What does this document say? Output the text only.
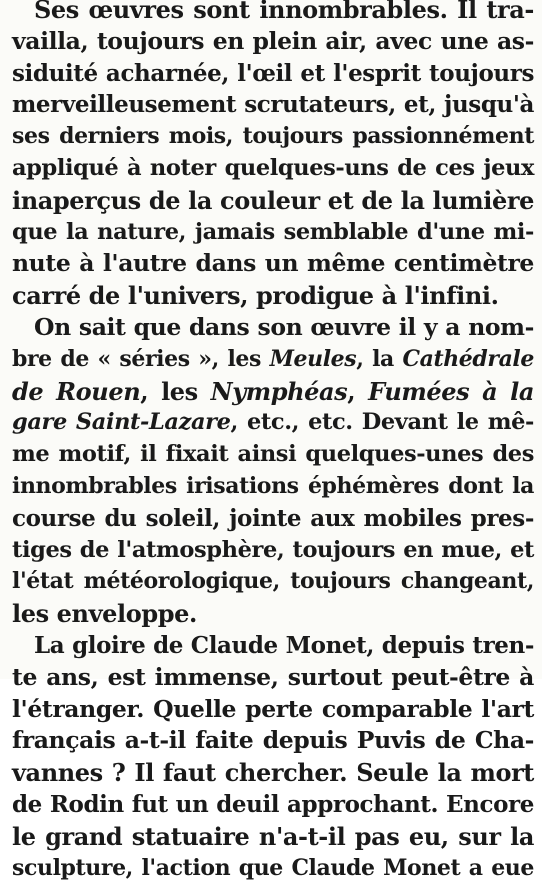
Ses œuvres sont innombrables. Il tra-
vailla, toujours en plein air, avec une as-
siduité acharnée, l'œil et l'esprit toujours
merveilleusement scrutateurs, et, jusqu'à
ses derniers mois, toujours passionnément
appliqué à noter quelques-uns de ces jeux
inaperçus de la couleur et de la lumière
que la nature, jamais semblable d'une mi-
nute à l'autre dans un même centimètre
carré de l'univers, prodigue à l'infini.
On sait que dans son œuvre il y a nom-
bre de « séries », les Meules, la Cathédrale
de Rouen, les Nymphéas, Fumées à la
gare Saint-Lazare, etc., etc. Devant le mê-
me motif, il fixait ainsi quelques-unes des
innombrables irisations éphémères dont la
course du soleil, jointe aux mobiles pres-
tiges de l'atmosphère, toujours en mue, et
l'état météorologique, toujours changeant,
les enveloppe.
La gloire de Claude Monet, depuis tren-
te ans, est immense, surtout peut-être à
l'étranger. Quelle perte comparable l'art
français a-t-il faite depuis Puvis de Cha-
vannes ? Il faut chercher. Seule la mort
de Rodin fut un deuil approchant. Encore
le grand statuaire n'a-t-il pas eu, sur la
sculpture, l'action que Claude Monet a eue
